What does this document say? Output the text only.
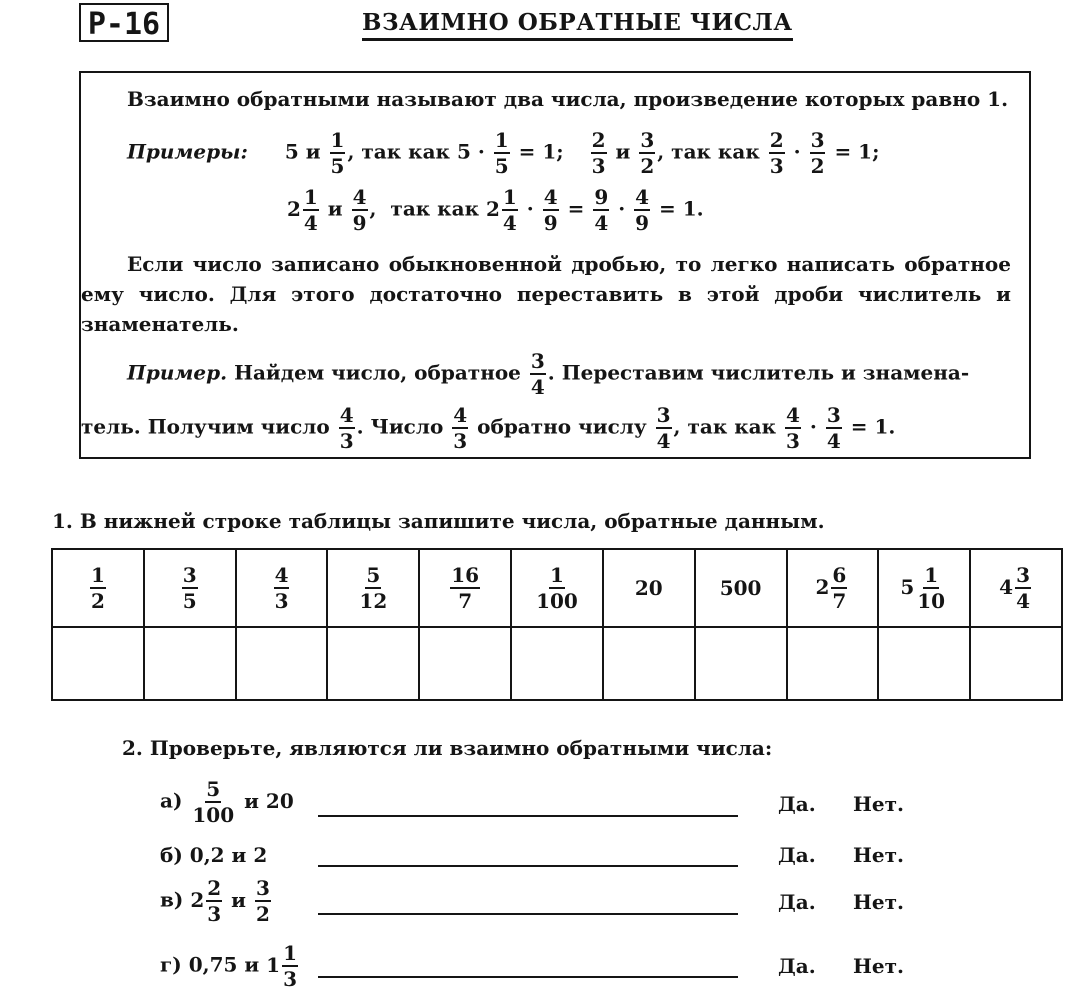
Р-16	ВЗАИМНО ОБРАТНЫЕ ЧИСЛА
Взаимно обратными называют два числа, произведение которых равно 1.
Примеры: 5 и $\frac{1}{5}$ , так как $5 \cdot \frac{1}{5} = 1$; $\frac{2}{3}$ и $\frac{3}{2}$ , так как $\frac{2}{3} \cdot \frac{3}{2} = 1$;
$2 \frac{1}{4}$ и $\frac{4}{9}$ ,  так как $2 \frac{1}{4} \cdot \frac{4}{9} = \frac{9}{4} \cdot \frac{4}{9} = 1$.
Если число записано обыкновенной дробью, то легко написать обратное ему число. Для этого достаточно переставить в этой дроби числитель и знаменатель.
Пример. Найдем число, обратное $\frac{3}{4}$ . Переставим числитель и знамена-
тель. Получим число $\frac{4}{3}$ . Число $\frac{4}{3}$ обратно числу $\frac{3}{4}$ , так как $\frac{4}{3} \cdot \frac{3}{4} = 1$.
1. В нижней строке таблицы запишите числа, обратные данным.
$\frac{1}{2}$	$\frac{3}{5}$	$\frac{4}{3}$	$\frac{5}{12}$	$\frac{16}{7}$	$\frac{1}{100}$	20	500	$2 \frac{6}{7}$	$5 \frac{1}{10}$	$4 \frac{3}{4}$

2. Проверьте, являются ли взаимно обратными числа:
$а) \frac{5}{100}$ и 20	Да. Нет.
б) 0,2 и 2	Да. Нет.
в) $2 \frac{2}{3}$ и $\frac{3}{2}$	Да. Нет.
г) 0,75 и $1 \frac{1}{3}$	Да. Нет.
